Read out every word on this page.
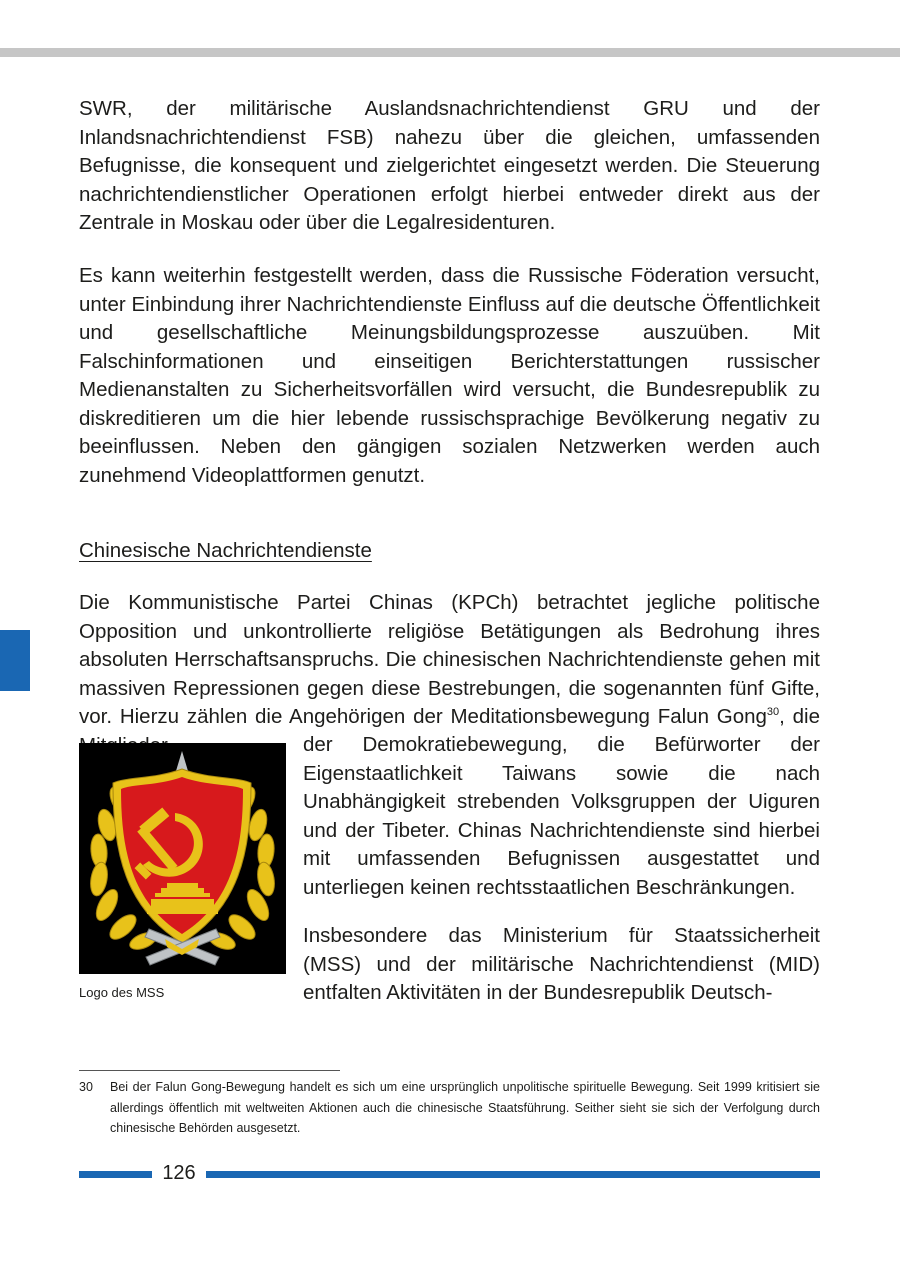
SWR, der militärische Auslandsnachrichtendienst GRU und der Inlandsnachrichtendienst FSB) nahezu über die gleichen, umfassenden Befugnisse, die konsequent und zielgerichtet eingesetzt werden. Die Steuerung nachrichtendienstlicher Operationen erfolgt hierbei entweder direkt aus der Zentrale in Moskau oder über die Legalresidenturen.

Es kann weiterhin festgestellt werden, dass die Russische Föderation versucht, unter Einbindung ihrer Nachrichtendienste Einfluss auf die deutsche Öffentlichkeit und gesellschaftliche Meinungsbildungsprozesse auszuüben. Mit Falschinformationen und einseitigen Berichterstattungen russischer Medienanstalten zu Sicherheitsvorfällen wird versucht, die Bundesrepublik zu diskreditieren um die hier lebende russischsprachige Bevölkerung negativ zu beeinflussen. Neben den gängigen sozialen Netzwerken werden auch zunehmend Videoplattformen genutzt.

Chinesische Nachrichtendienste

Die Kommunistische Partei Chinas (KPCh) betrachtet jegliche politische Opposition und unkontrollierte religiöse Betätigungen als Bedrohung ihres absoluten Herrschaftsanspruchs. Die chinesischen Nachrichtendienste gehen mit massiven Repressionen gegen diese Bestrebungen, die sogenannten fünf Gifte, vor. Hierzu zählen die Angehörigen der Meditationsbewegung Falun Gong$^{30}$, die

der Demokratiebewegung, die Befürworter der Eigenstaatlichkeit Taiwans sowie die nach Unabhängigkeit strebenden Volksgruppen der Uiguren und der Tibeter. Chinas Nachrichtendienste sind hierbei mit umfassenden Befugnissen ausgestattet und unterliegen keinen rechtsstaatlichen Beschränkungen.

Insbesondere das Ministerium für Staatssicherheit (MSS) und der militärische Nachrichtendienst (MID) entfalten Aktivitäten in der Bundesrepublik Deutsch-

Logo des MSS

30	Bei der Falun Gong-Bewegung handelt es sich um eine ursprünglich unpolitische spirituelle Bewegung. Seit 1999 kritisiert sie allerdings öffentlich mit weltweiten Aktionen auch die chinesische Staatsführung. Seither sieht sie sich der Verfolgung durch chinesische Behörden ausgesetzt.
126
